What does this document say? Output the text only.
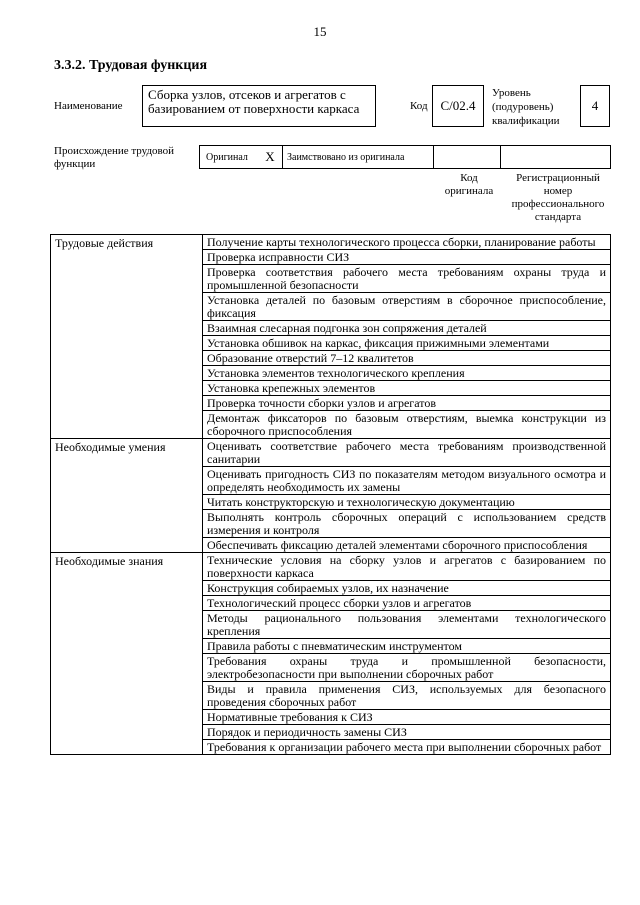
15
3.3.2. Трудовая функция
Наименование
Сборка узлов, отсеков и агрегатов с базированием от поверхности каркаса	Код С/02.4
Уровень (подуровень) квалификации
4
Происхождение трудовой функции
Оригинал Х	Заимствовано из оригинала
Код оригинала
Регистрационный номер профессионального стандарта
Трудовые действия	Получение карты технологического процесса сборки, планирование работы
	Проверка исправности СИЗ
	Проверка соответствия рабочего места требованиям охраны труда и промышленной безопасности
	Установка деталей по базовым отверстиям в сборочное приспособление, фиксация
	Взаимная слесарная подгонка зон сопряжения деталей
	Установка обшивок на каркас, фиксация прижимными элементами
	Образование отверстий 7–12 квалитетов
	Установка элементов технологического крепления
	Установка крепежных элементов
	Проверка точности сборки узлов и агрегатов
	Демонтаж фиксаторов по базовым отверстиям, выемка конструкции из сборочного приспособления
Необходимые умения	Оценивать соответствие рабочего места требованиям производственной санитарии
	Оценивать пригодность СИЗ по показателям методом визуального осмотра и определять необходимость их замены
	Читать конструкторскую и технологическую документацию
	Выполнять контроль сборочных операций с использованием средств измерения и контроля
	Обеспечивать фиксацию деталей элементами сборочного приспособления
Необходимые знания	Технические условия на сборку узлов и агрегатов с базированием по поверхности каркаса
	Конструкция собираемых узлов, их назначение
	Технологический процесс сборки узлов и агрегатов
	Методы рационального пользования элементами технологического крепления
	Правила работы с пневматическим инструментом
	Требования охраны труда и промышленной безопасности, электробезопасности при выполнении сборочных работ
	Виды и правила применения СИЗ, используемых для безопасного проведения сборочных работ
	Нормативные требования к СИЗ
	Порядок и периодичность замены СИЗ
	Требования к организации рабочего места при выполнении сборочных работ
